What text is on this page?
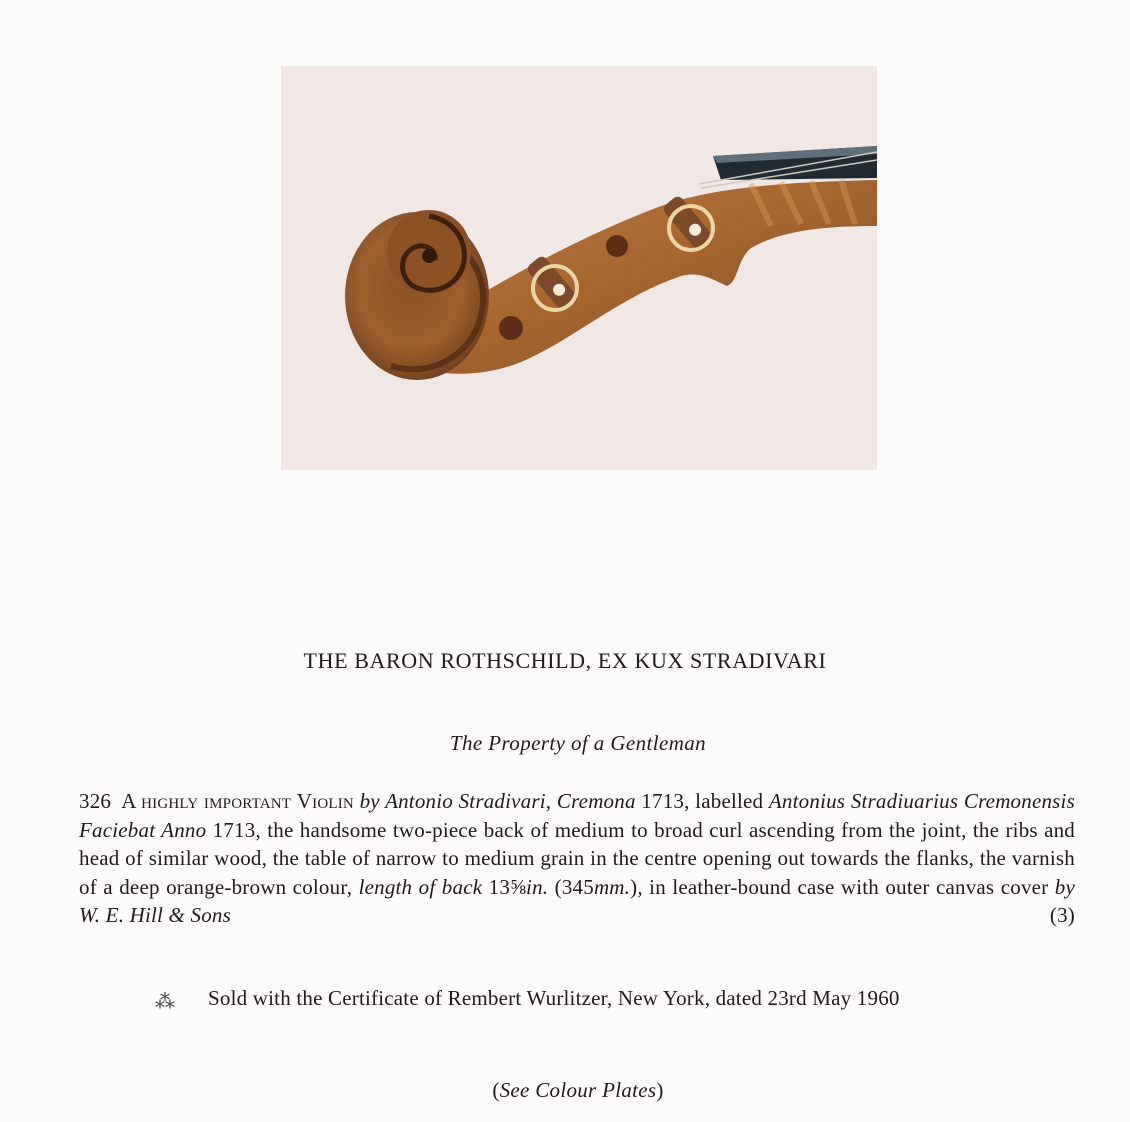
THE BARON ROTHSCHILD, EX KUX STRADIVARI
The Property of a Gentleman
326 A highly important Violin by Antonio Stradivari, Cremona 1713, labelled Antonius Stradiuarius Cremonensis Faciebat Anno 1713, the handsome two-piece back of medium to broad curl ascending from the joint, the ribs and head of similar wood, the table of narrow to medium grain in the centre opening out towards the flanks, the varnish of a deep orange-brown colour, length of back 13⅝in. (345mm.), in leather-bound case with outer canvas cover by W. E. Hill & Sons	(3)
⁂ Sold with the Certificate of Rembert Wurlitzer, New York, dated 23rd May 1960
(See Colour Plates)
